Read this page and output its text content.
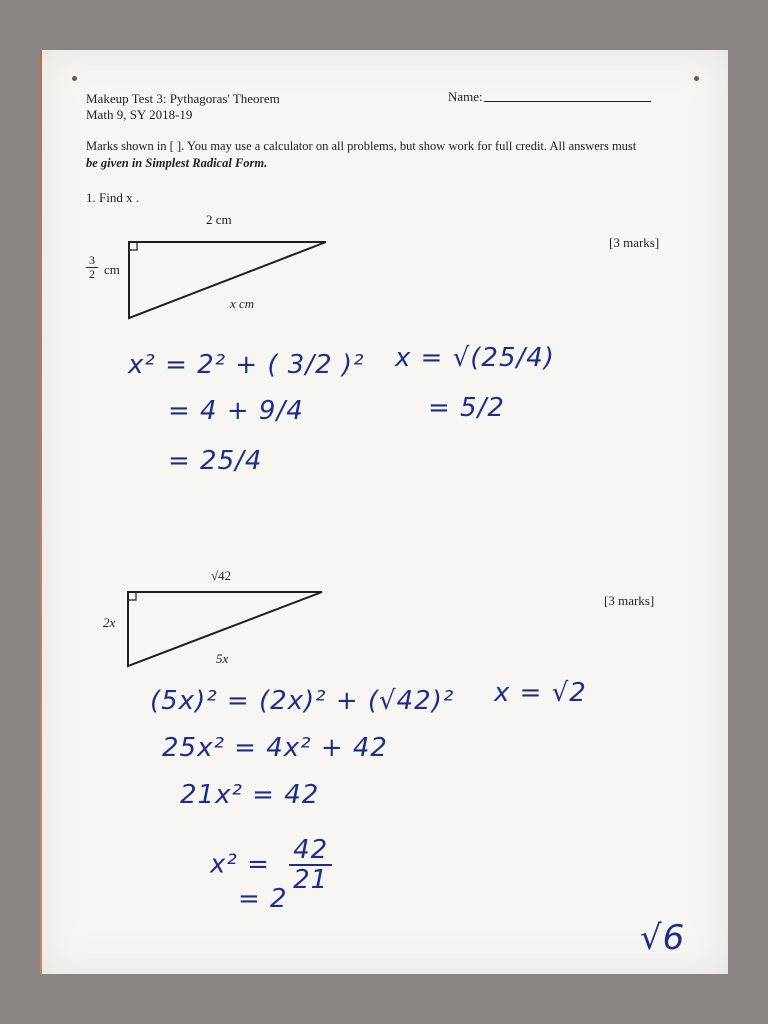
Makeup Test 3: Pythagoras' Theorem
Math 9, SY 2018-19
Name:
Marks shown in [ ]. You may use a calculator on all problems, but show work for full credit. All answers must
be given in Simplest Radical Form.
1. Find x .
2 cm
$\frac{3}{2}$ cm
x cm
[3 marks]
x² = 2² + ( 3/2 )²
= 4 + 9/4
= 25/4
x = √(25/4)
= 5/2
√42
2x
5x
[3 marks]
(5x)² = (2x)² + (√42)²
25x² = 4x² + 42
21x² = 42
$x^2 = \frac{42}{21}$
= 2
x = √2
√6
